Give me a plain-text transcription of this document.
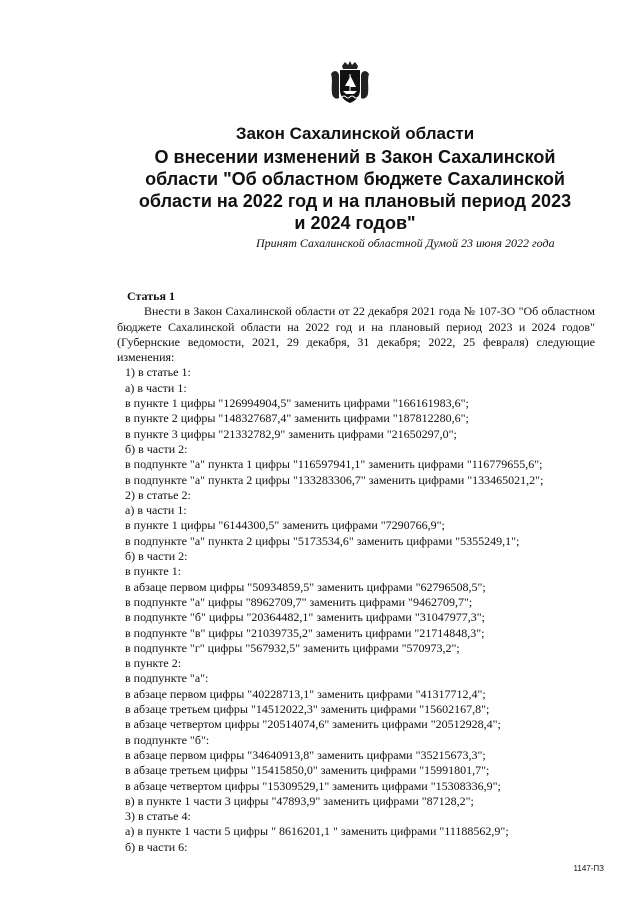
Закон Сахалинской области
О внесении изменений в Закон Сахалинской
области "Об областном бюджете Сахалинской
области на 2022 год и на плановый период 2023
и 2024 годов"
Принят Сахалинской областной Думой 23 июня 2022 года
Статья 1

Внести в Закон Сахалинской области от 22 декабря 2021 года № 107-ЗО "Об областном бюджете Сахалинской области на 2022 год и на плановый период 2023 и 2024 годов" (Губернские ведомости, 2021, 29 декабря, 31 декабря; 2022, 25 февраля) следующие изменения:

1) в статье 1:
а) в части 1:
в пункте 1 цифры "126994904,5" заменить цифрами "166161983,6";
в пункте 2 цифры "148327687,4" заменить цифрами "187812280,6";
в пункте 3 цифры "21332782,9" заменить цифрами "21650297,0";
б) в части 2:
в подпункте "а" пункта 1 цифры "116597941,1" заменить цифрами "116779655,6";
в подпункте "а" пункта 2 цифры "133283306,7" заменить цифрами "133465021,2";
2) в статье 2:
а) в части 1:
в пункте 1 цифры "6144300,5" заменить цифрами "7290766,9";
в подпункте "а" пункта 2 цифры "5173534,6" заменить цифрами "5355249,1";
б) в части 2:
в пункте 1:
в абзаце первом цифры "50934859,5" заменить цифрами "62796508,5";
в подпункте "а" цифры "8962709,7" заменить цифрами "9462709,7";
в подпункте "б" цифры "20364482,1" заменить цифрами "31047977,3";
в подпункте "в" цифры "21039735,2" заменить цифрами "21714848,3";
в подпункте "г" цифры "567932,5" заменить цифрами "570973,2";
в пункте 2:
в подпункте "а":
в абзаце первом цифры "40228713,1" заменить цифрами "41317712,4";
в абзаце третьем цифры "14512022,3" заменить цифрами "15602167,8";
в абзаце четвертом цифры "20514074,6" заменить цифрами "20512928,4";
в подпункте "б":
в абзаце первом цифры "34640913,8" заменить цифрами "35215673,3";
в абзаце третьем цифры "15415850,0" заменить цифрами "15991801,7";
в абзаце четвертом цифры "15309529,1" заменить цифрами "15308336,9";
в) в пункте 1 части 3 цифры "47893,9" заменить цифрами "87128,2";
3) в статье 4:
а) в пункте 1 части 5 цифры " 8616201,1 " заменить цифрами "11188562,9";
б) в части 6:
1147-ПЗ
